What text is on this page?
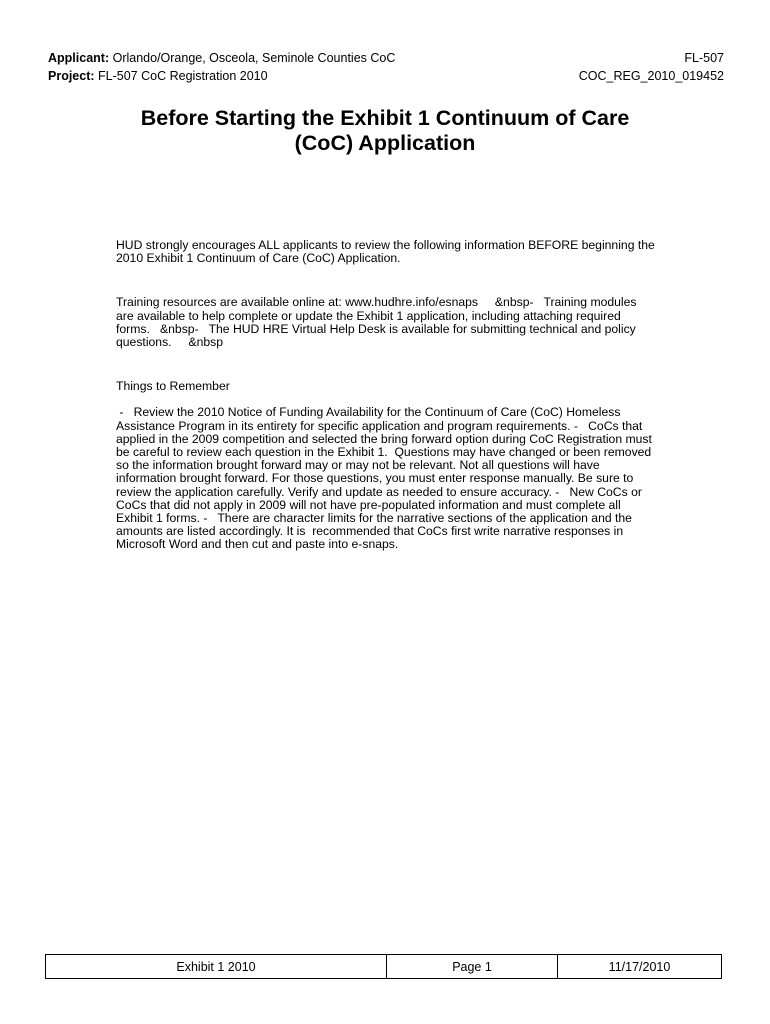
Applicant: Orlando/Orange, Osceola, Seminole Counties CoC	FL-507
Project: FL-507 CoC Registration 2010	COC_REG_2010_019452
Before Starting the Exhibit 1 Continuum of Care
(CoC) Application

HUD strongly encourages ALL applicants to review the following information BEFORE beginning the 2010 Exhibit 1 Continuum of Care (CoC) Application.

Training resources are available online at: www.hudhre.info/esnaps     &nbsp-   Training modules are available to help complete or update the Exhibit 1 application, including attaching required forms.   &nbsp-   The HUD HRE Virtual Help Desk is available for submitting technical and policy questions.     &nbsp

Things to Remember

-   Review the 2010 Notice of Funding Availability for the Continuum of Care (CoC) Homeless Assistance Program in its entirety for specific application and program requirements. -   CoCs that applied in the 2009 competition and selected the bring forward option during CoC Registration must be careful to review each question in the Exhibit 1.  Questions may have changed or been removed so the information brought forward may or may not be relevant. Not all questions will have information brought forward. For those questions, you must enter response manually. Be sure to review the application carefully. Verify and update as needed to ensure accuracy. -   New CoCs or CoCs that did not apply in 2009 will not have pre-populated information and must complete all Exhibit 1 forms. -   There are character limits for the narrative sections of the application and the amounts are listed accordingly. It is  recommended that CoCs first write narrative responses in Microsoft Word and then cut and paste into e-snaps.

Exhibit 1 2010	Page 1	11/17/2010
